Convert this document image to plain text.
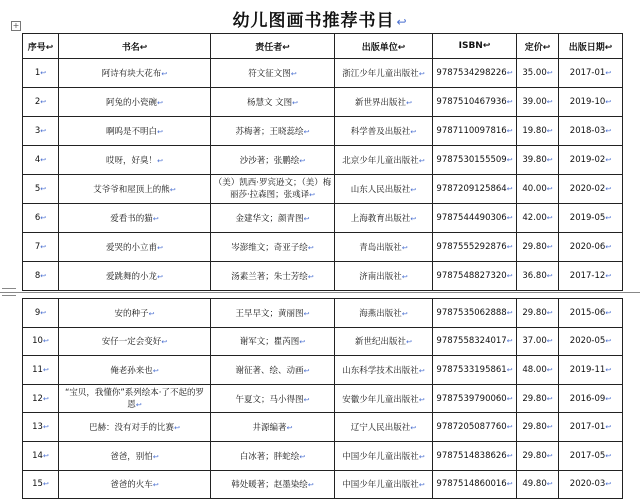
幼儿图画书推荐书目 ↩
+
序号↩	书名↩	责任者↩	出版单位↩	ISBN↩	定价↩	出版日期↩
1↩	阿诗有块大花布↩	符文征文图↩	浙江少年儿童出版社↩	9787534298226↩	35.00↩	2017-01↩
2↩	阿兔的小瓷碗↩	杨慧文 文图↩	新世界出版社↩	9787510467936↩	39.00↩	2019-10↩
3↩	啊呜是不明白↩	苏梅著；王晓蕊绘↩	科学普及出版社↩	9787110097816↩	19.80↩	2018-03↩
4↩	哎呀，好臭！↩	沙沙著；张鹏绘↩	北京少年儿童出版社↩	9787530155509↩	39.80↩	2019-02↩
5↩	艾爷爷和屋顶上的熊↩	（美）凯西·罗宾逊文；（美）梅丽莎·拉森图；张彧译↩	山东人民出版社↩	9787209125864↩	40.00↩	2020-02↩
6↩	爱看书的猫↩	金建华文；颜青图↩	上海教育出版社↩	9787544490306↩	42.00↩	2019-05↩
7↩	爱哭的小立甫↩	岑澎维文；奇亚子绘↩	青岛出版社↩	9787555292876↩	29.80↩	2020-06↩
8↩	爱跳舞的小龙↩	汤素兰著；朱士芳绘↩	济南出版社↩	9787548827320↩	36.80↩	2017-12↩
9↩	安的种子↩	王早早文；黄丽图↩	海燕出版社↩	9787535062888↩	29.80↩	2015-06↩
10↩	安仔一定会变好↩	谢军文；瞿芮图↩	新世纪出版社↩	9787558324017↩	37.00↩	2020-05↩
11↩	俺老孙来也↩	谢征著、绘、动画↩	山东科学技术出版社↩	9787533195861↩	48.00↩	2019-11↩
12↩	“宝贝，我懂你”系列绘本·了不起的罗恩↩	午夏文；马小得图↩	安徽少年儿童出版社↩	9787539790060↩	29.80↩	2016-09↩
13↩	巴赫：没有对手的比赛↩	井源编著↩	辽宁人民出版社↩	9787205087760↩	29.80↩	2017-01↩
14↩	爸爸，别怕↩	白冰著；胖蛇绘↩	中国少年儿童出版社↩	9787514838626↩	29.80↩	2017-05↩
15↩	爸爸的火车↩	韩处暖著；赵墨染绘↩	中国少年儿童出版社↩	9787514860016↩	49.80↩	2020-03↩
